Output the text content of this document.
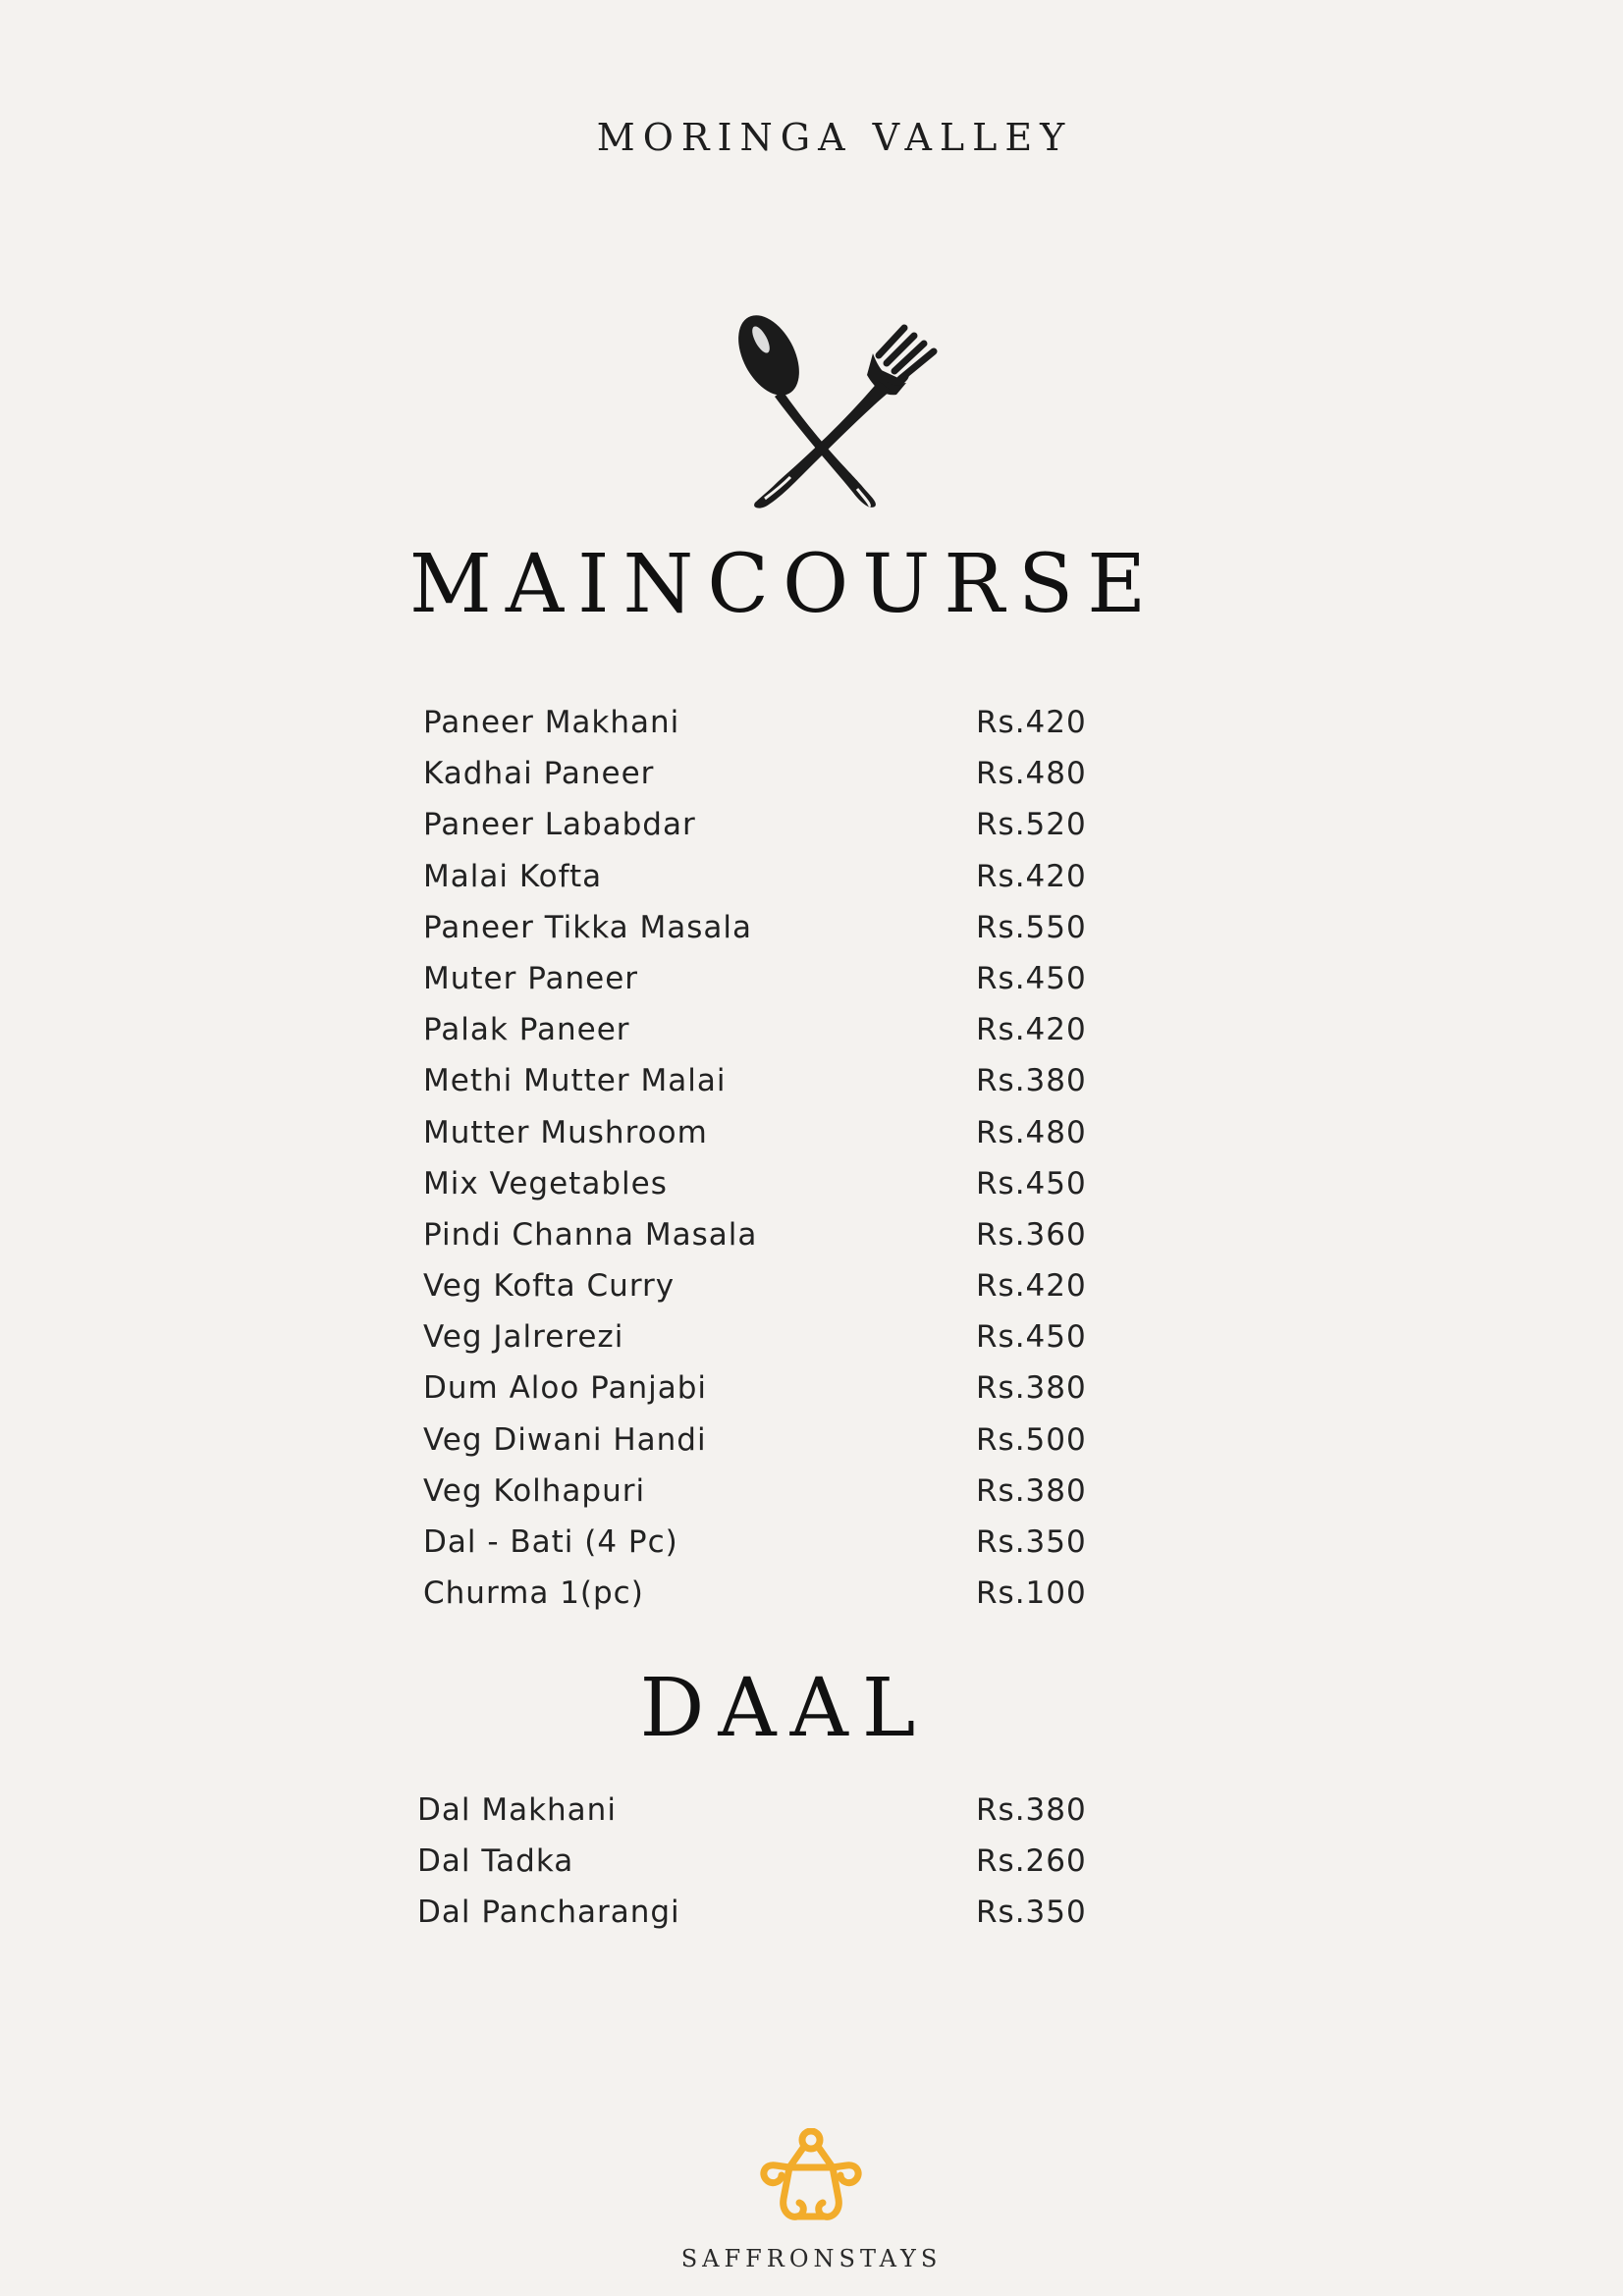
MORINGA VALLEY
MAINCOURSE
Paneer Makhani	Rs.420
Kadhai Paneer	Rs.480
Paneer Lababdar	Rs.520
Malai Kofta	Rs.420
Paneer Tikka Masala	Rs.550
Muter Paneer	Rs.450
Palak Paneer	Rs.420
Methi Mutter Malai	Rs.380
Mutter Mushroom	Rs.480
Mix Vegetables	Rs.450
Pindi Channa Masala	Rs.360
Veg Kofta Curry	Rs.420
Veg Jalrerezi	Rs.450
Dum Aloo Panjabi	Rs.380
Veg Diwani Handi	Rs.500
Veg Kolhapuri	Rs.380
Dal - Bati (4 Pc)	Rs.350
Churma 1(pc)	Rs.100
DAAL
Dal Makhani	Rs.380
Dal Tadka	Rs.260
Dal Pancharangi	Rs.350
SAFFRONSTAYS
